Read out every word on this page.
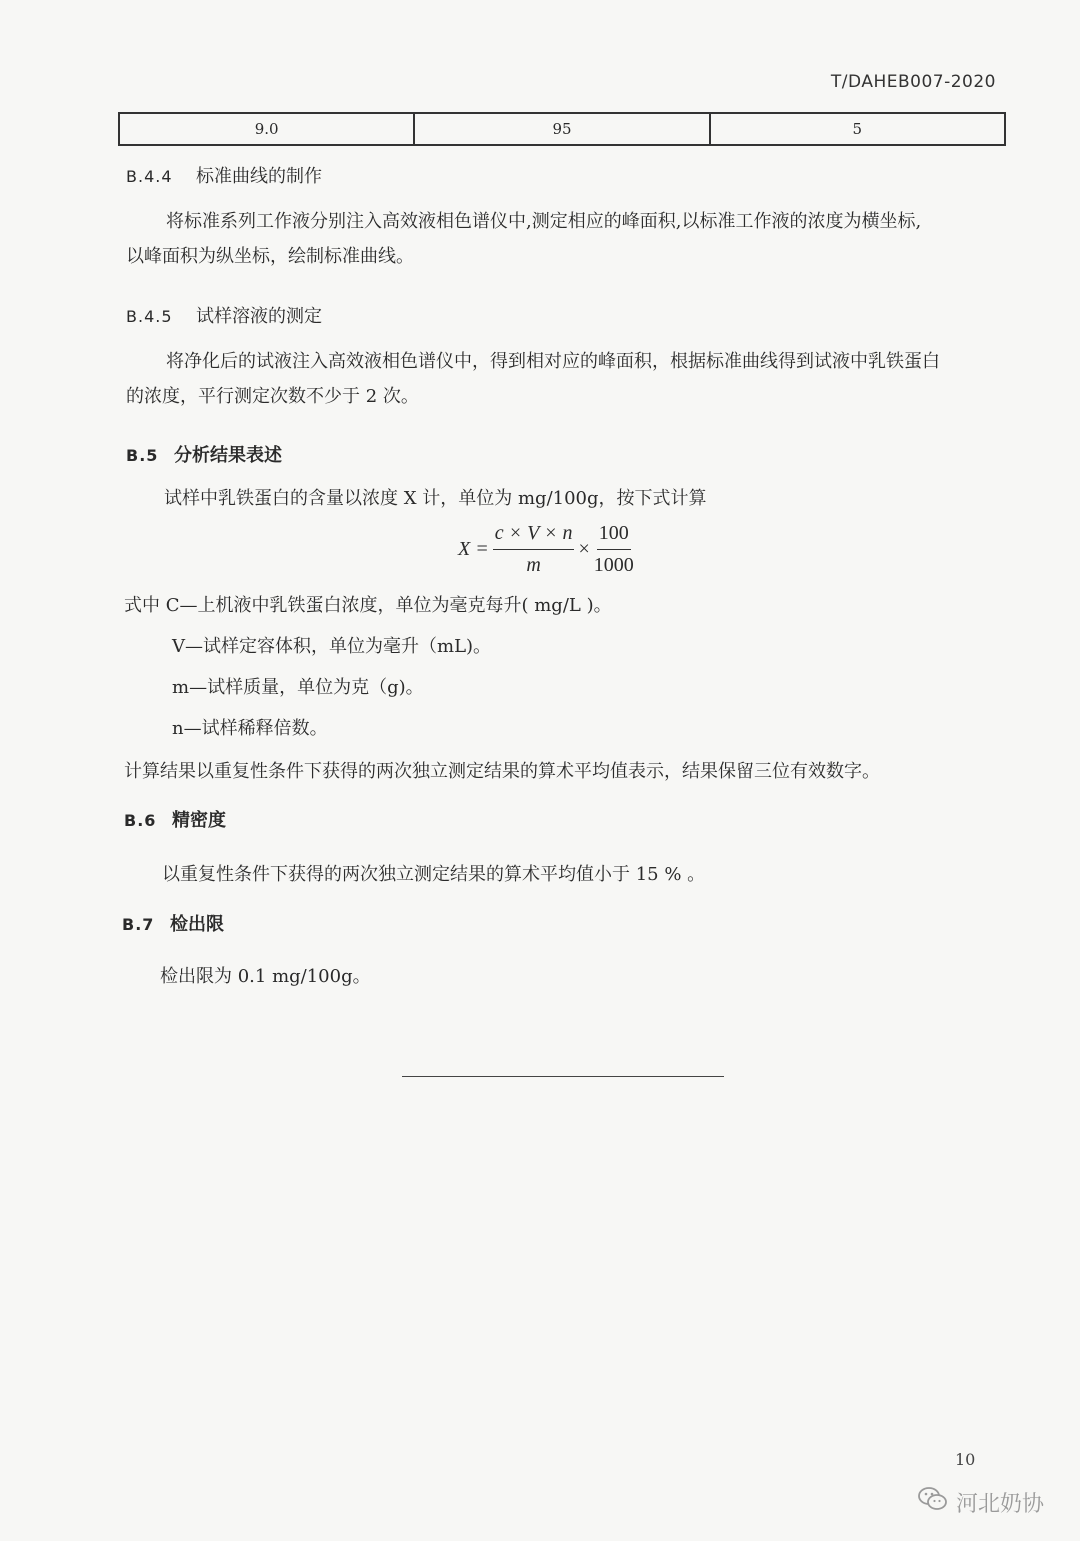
T/DAHEB007-2020
9.0	95	5
B.4.4 标准曲线的制作
将标准系列工作液分别注入高效液相色谱仪中,测定相应的峰面积,以标准工作液的浓度为横坐标,
以峰面积为纵坐标，绘制标准曲线。
B.4.5 试样溶液的测定
将净化后的试液注入高效液相色谱仪中，得到相对应的峰面积，根据标准曲线得到试液中乳铁蛋白
的浓度，平行测定次数不少于 2 次。
B.5 分析结果表述
试样中乳铁蛋白的含量以浓度 X 计，单位为 mg/100g，按下式计算
$X = \frac{c \times V \times n}{m} \times \frac{100}{1000}$
式中 C—上机液中乳铁蛋白浓度，单位为毫克每升( mg/L )。
V—试样定容体积，单位为毫升（mL)。
m—试样质量，单位为克（g)。
n—试样稀释倍数。
计算结果以重复性条件下获得的两次独立测定结果的算术平均值表示，结果保留三位有效数字。
B.6 精密度
以重复性条件下获得的两次独立测定结果的算术平均值小于 15 % 。
B.7 检出限
检出限为 0.1 mg/100g。
10
河北奶协
